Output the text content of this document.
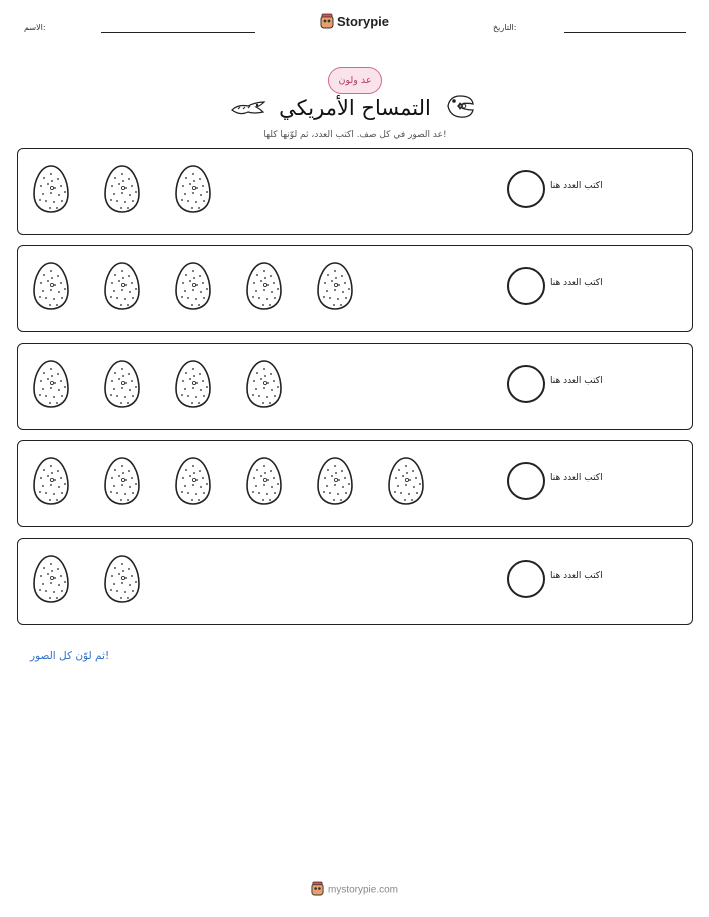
الاسم:	Storypie	التاريخ:
عد ولون
التمساح الأمريكي
عد الصور في كل صف. اكتب العدد، ثم لوّنها كلها!
اكتب العدد هنا
اكتب العدد هنا
اكتب العدد هنا
اكتب العدد هنا
اكتب العدد هنا
ثم لوّن كل الصور!
mystorypie.com
